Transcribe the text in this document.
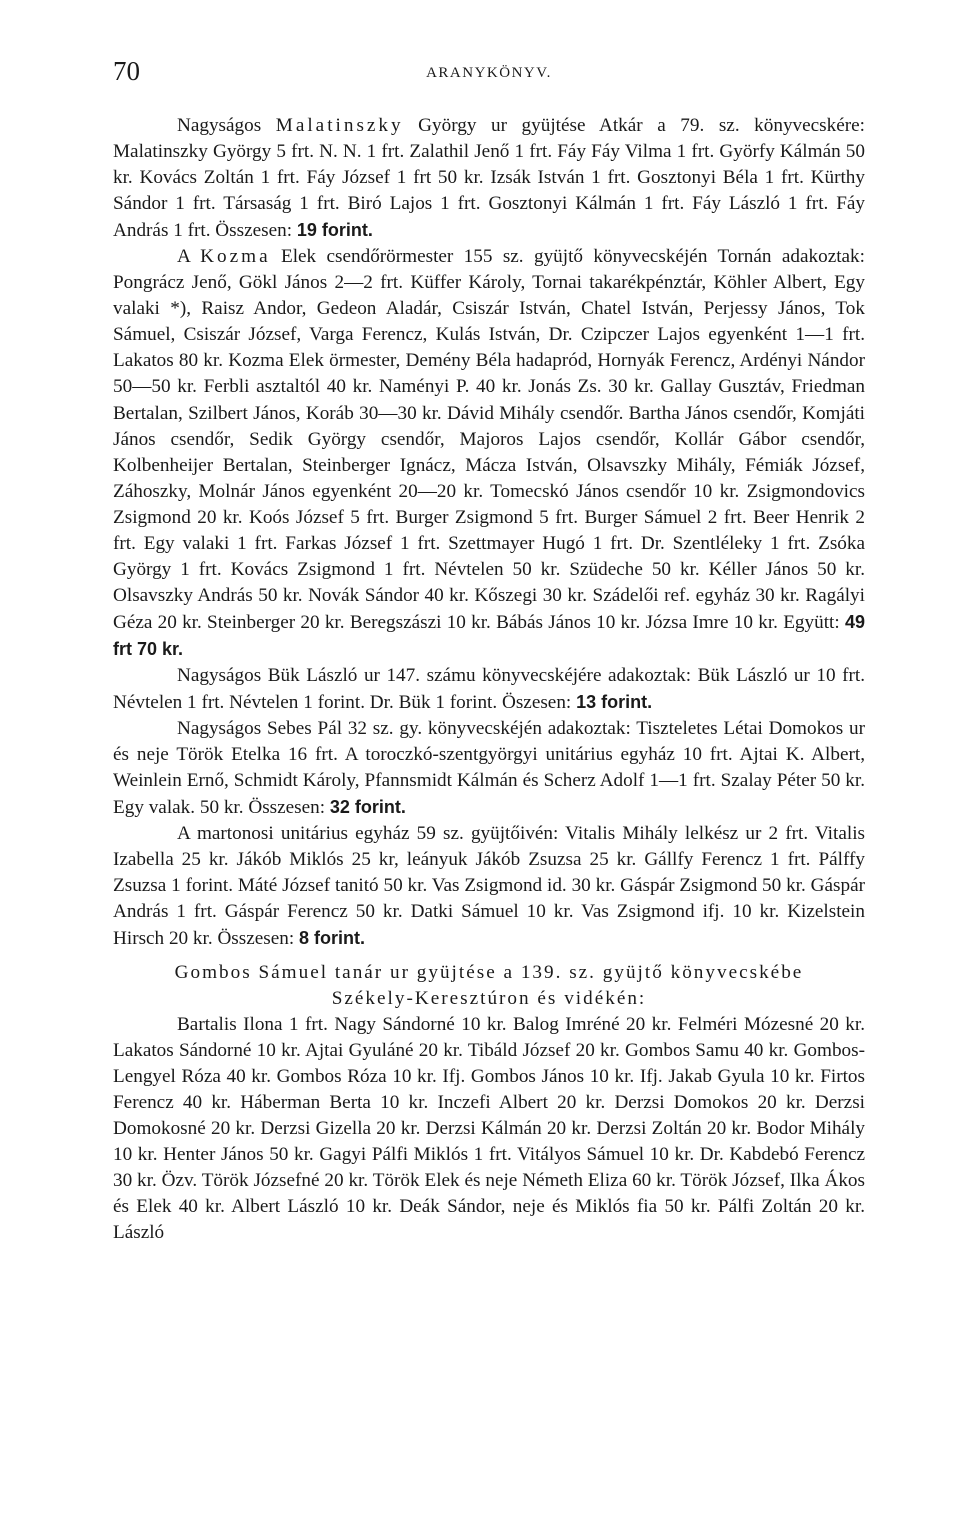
70	ARANYKÖNYV.

Nagyságos Malatinszky György ur gyüjtése Atkár a 79. sz. könyvecskére: Malatinszky György 5 frt. N. N. 1 frt. Zalathil Jenő 1 frt. Fáy Fáy Vilma 1 frt. Györfy Kálmán 50 kr. Kovács Zoltán 1 frt. Fáy József 1 frt 50 kr. Izsák István 1 frt. Gosztonyi Béla 1 frt. Kürthy Sándor 1 frt. Társaság 1 frt. Biró Lajos 1 frt. Gosztonyi Kálmán 1 frt. Fáy László 1 frt. Fáy András 1 frt. Összesen: 19 forint.

A Kozma Elek csendőrörmester 155 sz. gyüjtő könyvecskéjén Tornán adakoztak: Pongrácz Jenő, Gökl János 2—2 frt. Küffer Károly, Tornai takarékpénztár, Köhler Albert, Egy valaki *), Raisz Andor, Gedeon Aladár, Csiszár István, Chatel István, Perjessy János, Tok Sámuel, Csiszár József, Varga Ferencz, Kulás István, Dr. Czipczer Lajos egyenként 1—1 frt. Lakatos 80 kr. Kozma Elek örmester, Demény Béla hadapród, Hornyák Ferencz, Ardényi Nándor 50—50 kr. Ferbli asztaltól 40 kr. Naményi P. 40 kr. Jonás Zs. 30 kr. Gallay Gusztáv, Friedman Bertalan, Szilbert János, Koráb 30—30 kr. Dávid Mihály csendőr. Bartha János csendőr, Komjáti János csendőr, Sedik György csendőr, Majoros Lajos csendőr, Kollár Gábor csendőr, Kolbenheijer Bertalan, Steinberger Ignácz, Mácza István, Olsavszky Mihály, Fémiák József, Záhoszky, Molnár János egyenként 20—20 kr. Tomecskó János csendőr 10 kr. Zsigmondovics Zsigmond 20 kr. Koós József 5 frt. Burger Zsigmond 5 frt. Burger Sámuel 2 frt. Beer Henrik 2 frt. Egy valaki 1 frt. Farkas József 1 frt. Szettmayer Hugó 1 frt. Dr. Szentléleky 1 frt. Zsóka György 1 frt. Kovács Zsigmond 1 frt. Névtelen 50 kr. Szüdeche 50 kr. Kéller János 50 kr. Olsavszky András 50 kr. Novák Sándor 40 kr. Kőszegi 30 kr. Szádelői ref. egyház 30 kr. Ragályi Géza 20 kr. Steinberger 20 kr. Beregszászi 10 kr. Bábás János 10 kr. Józsa Imre 10 kr. Együtt: 49 frt 70 kr.

Nagyságos Bük László ur 147. számu könyvecskéjére adakoztak: Bük László ur 10 frt. Névtelen 1 frt. Névtelen 1 forint. Dr. Bük 1 forint. Öszesen: 13 forint.

Nagyságos Sebes Pál 32 sz. gy. könyvecskéjén adakoztak: Tiszteletes Létai Domokos ur és neje Török Etelka 16 frt. A toroczkó-szentgyörgyi unitárius egyház 10 frt. Ajtai K. Albert, Weinlein Ernő, Schmidt Károly, Pfannsmidt Kálmán és Scherz Adolf 1—1 frt. Szalay Péter 50 kr. Egy valak. 50 kr. Összesen: 32 forint.

A martonosi unitárius egyház 59 sz. gyüjtőivén: Vitalis Mihály lelkész ur 2 frt. Vitalis Izabella 25 kr. Jákób Miklós 25 kr, leányuk Jákób Zsuzsa 25 kr. Gállfy Ferencz 1 frt. Pálffy Zsuzsa 1 forint. Máté József tanitó 50 kr. Vas Zsigmond id. 30 kr. Gáspár Zsigmond 50 kr. Gáspár András 1 frt. Gáspár Ferencz 50 kr. Datki Sámuel 10 kr. Vas Zsigmond ifj. 10 kr. Kizelstein Hirsch 20 kr. Összesen: 8 forint.

Gombos Sámuel tanár ur gyüjtése a 139. sz. gyüjtő könyvecskébe
Székely-Keresztúron és vidékén:

Bartalis Ilona 1 frt. Nagy Sándorné 10 kr. Balog Imréné 20 kr. Felméri Mózesné 20 kr. Lakatos Sándorné 10 kr. Ajtai Gyuláné 20 kr. Tibáld József 20 kr. Gombos Samu 40 kr. Gombos-Lengyel Róza 40 kr. Gombos Róza 10 kr. Ifj. Gombos János 10 kr. Ifj. Jakab Gyula 10 kr. Firtos Ferencz 40 kr. Háberman Berta 10 kr. Inczefi Albert 20 kr. Derzsi Domokos 20 kr. Derzsi Domokosné 20 kr. Derzsi Gizella 20 kr. Derzsi Kálmán 20 kr. Derzsi Zoltán 20 kr. Bodor Mihály 10 kr. Henter János 50 kr. Gagyi Pálfi Miklós 1 frt. Vitályos Sámuel 10 kr. Dr. Kabdebó Ferencz 30 kr. Özv. Török Józsefné 20 kr. Török Elek és neje Németh Eliza 60 kr. Török József, Ilka Ákos és Elek 40 kr. Albert László 10 kr. Deák Sándor, neje és Miklós fia 50 kr. Pálfi Zoltán 20 kr. László
